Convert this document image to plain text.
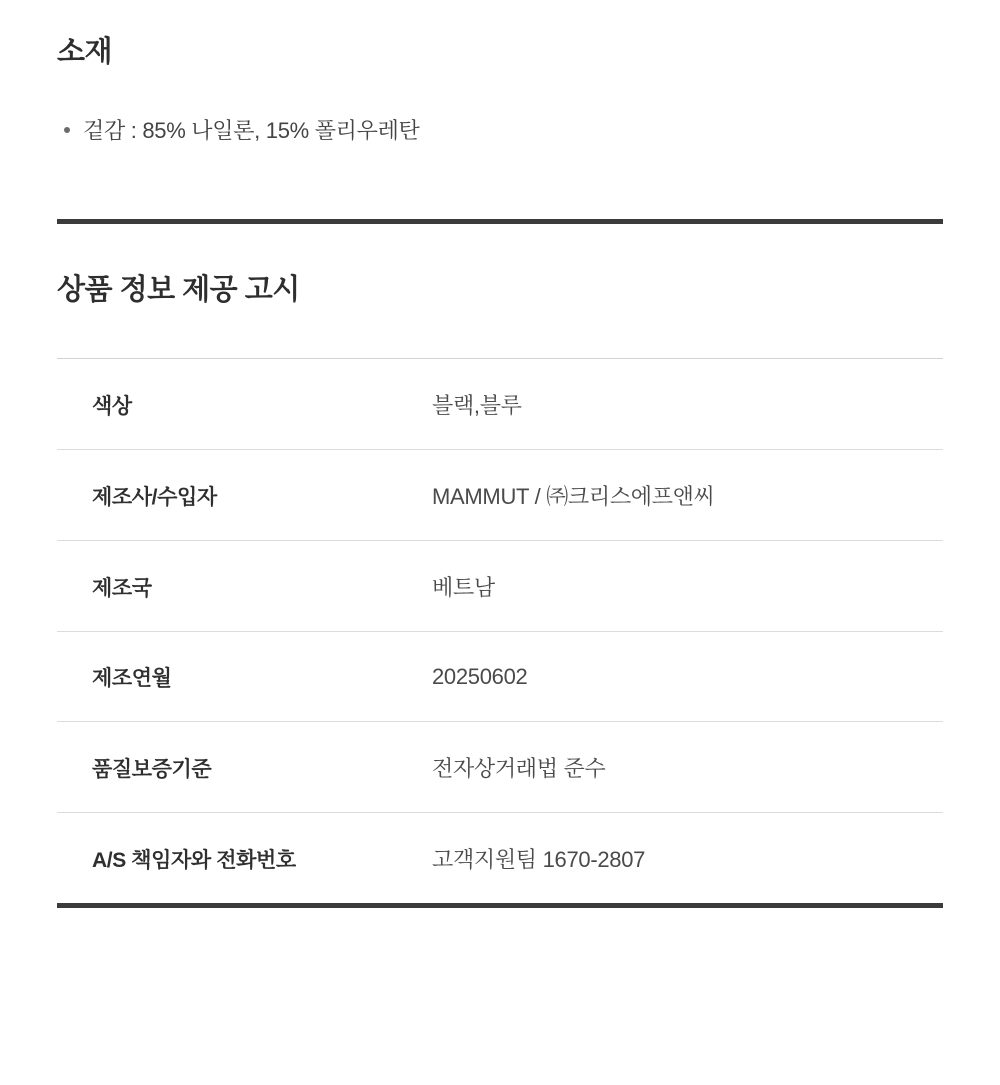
소재
겉감 : 85% 나일론, 15% 폴리우레탄
상품 정보 제공 고시
색상	블랙,블루
제조사/수입자	MAMMUT / ㈜크리스에프앤씨
제조국	베트남
제조연월	20250602
품질보증기준	전자상거래법 준수
A/S 책임자와 전화번호	고객지원팀 1670-2807
